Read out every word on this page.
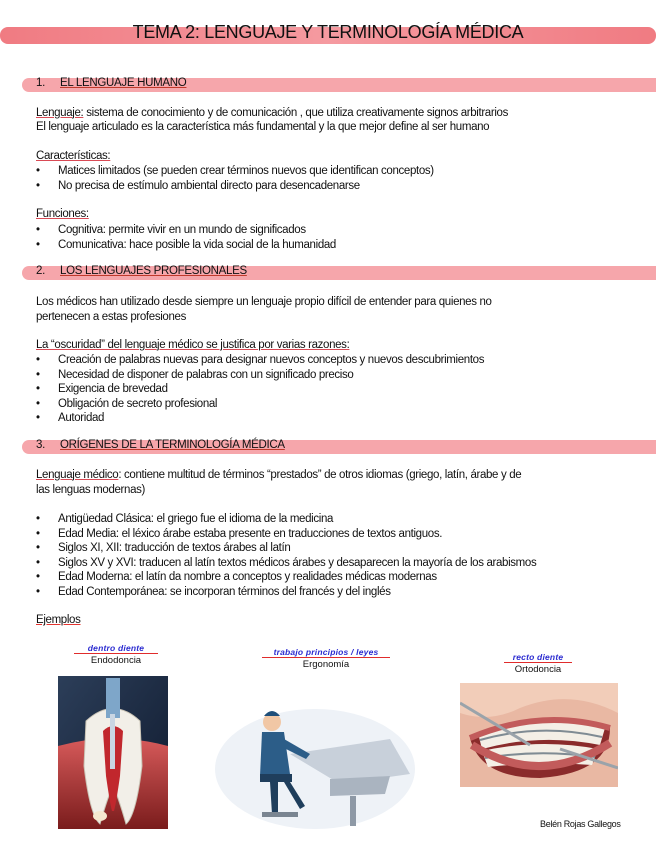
TEMA 2: LENGUAJE Y TERMINOLOGÍA MÉDICA
1. EL LENGUAJE HUMANO
Lenguaje: sistema de conocimiento y de comunicación , que utiliza creativamente signos arbitrarios
El lenguaje articulado es la característica más fundamental y la que mejor define al ser humano
Características:
• Matices limitados (se pueden crear términos nuevos que identifican conceptos)
• No precisa de estímulo ambiental directo para desencadenarse
Funciones:
• Cognitiva: permite vivir en un mundo de significados
• Comunicativa: hace posible la vida social de la humanidad
2. LOS LENGUAJES PROFESIONALES
Los médicos han utilizado desde siempre un lenguaje propio difícil de entender para quienes no
pertenecen a estas profesiones
La “oscuridad” del lenguaje médico se justifica por varias razones:
• Creación de palabras nuevas para designar nuevos conceptos y nuevos descubrimientos
• Necesidad de disponer de palabras con un significado preciso
• Exigencia de brevedad
• Obligación de secreto profesional
• Autoridad
3. ORÍGENES DE LA TERMINOLOGÍA MÉDICA
Lenguaje médico: contiene multitud de términos “prestados” de otros idiomas (griego, latín, árabe y de
las lenguas modernas)
• Antigüedad Clásica: el griego fue el idioma de la medicina
• Edad Media: el léxico árabe estaba presente en traducciones de textos antiguos.
• Siglos XI, XII: traducción de textos árabes al latín
• Siglos XV y XVI: traducen al latín textos médicos árabes y desaparecen la mayoría de los arabismos
• Edad Moderna: el latín da nombre a conceptos y realidades médicas modernas
• Edad Contemporánea: se incorporan términos del francés y del inglés
Ejemplos
dentro diente
Endodoncia
trabajo principios / leyes
Ergonomía
recto diente
Ortodoncia
Belén Rojas Gallegos
